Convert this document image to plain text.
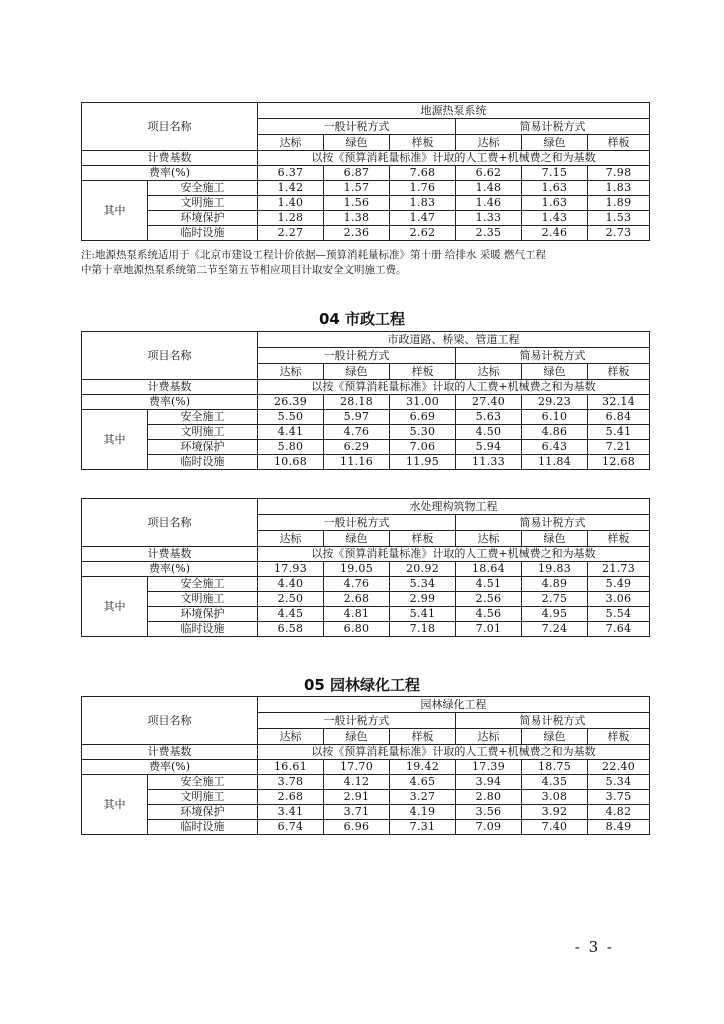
项目名称		地源热泵系统					
		一般计税方式			简易计税方式		
		达标	绿色	样板	达标	绿色	样板
计费基数		以按《预算消耗量标准》计取的人工费+机械费之和为基数					
费率(%)		6.37	6.87	7.68	6.62	7.15	7.98
其中	安全施工	1.42	1.57	1.76	1.48	1.63	1.83
	文明施工	1.40	1.56	1.83	1.46	1.63	1.89
	环境保护	1.28	1.38	1.47	1.33	1.43	1.53
	临时设施	2.27	2.36	2.62	2.35	2.46	2.73
注:地源热泵系统适用于《北京市建设工程计价依据—预算消耗量标准》第十册 给排水 采暖 燃气工程
中第十章地源热泵系统第二节至第五节相应项目计取安全文明施工费。
04 市政工程
项目名称		市政道路、桥梁、管道工程					
		一般计税方式			简易计税方式		
		达标	绿色	样板	达标	绿色	样板
计费基数		以按《预算消耗量标准》计取的人工费+机械费之和为基数					
费率(%)		26.39	28.18	31.00	27.40	29.23	32.14
其中	安全施工	5.50	5.97	6.69	5.63	6.10	6.84
	文明施工	4.41	4.76	5.30	4.50	4.86	5.41
	环境保护	5.80	6.29	7.06	5.94	6.43	7.21
	临时设施	10.68	11.16	11.95	11.33	11.84	12.68
项目名称		水处理构筑物工程					
		一般计税方式			简易计税方式		
		达标	绿色	样板	达标	绿色	样板
计费基数		以按《预算消耗量标准》计取的人工费+机械费之和为基数					
费率(%)		17.93	19.05	20.92	18.64	19.83	21.73
其中	安全施工	4.40	4.76	5.34	4.51	4.89	5.49
	文明施工	2.50	2.68	2.99	2.56	2.75	3.06
	环境保护	4.45	4.81	5.41	4.56	4.95	5.54
	临时设施	6.58	6.80	7.18	7.01	7.24	7.64
05 园林绿化工程
项目名称		园林绿化工程					
		一般计税方式			简易计税方式		
		达标	绿色	样板	达标	绿色	样板
计费基数		以按《预算消耗量标准》计取的人工费+机械费之和为基数					
费率(%)		16.61	17.70	19.42	17.39	18.75	22.40
其中	安全施工	3.78	4.12	4.65	3.94	4.35	5.34
	文明施工	2.68	2.91	3.27	2.80	3.08	3.75
	环境保护	3.41	3.71	4.19	3.56	3.92	4.82
	临时设施	6.74	6.96	7.31	7.09	7.40	8.49
- 3 -
